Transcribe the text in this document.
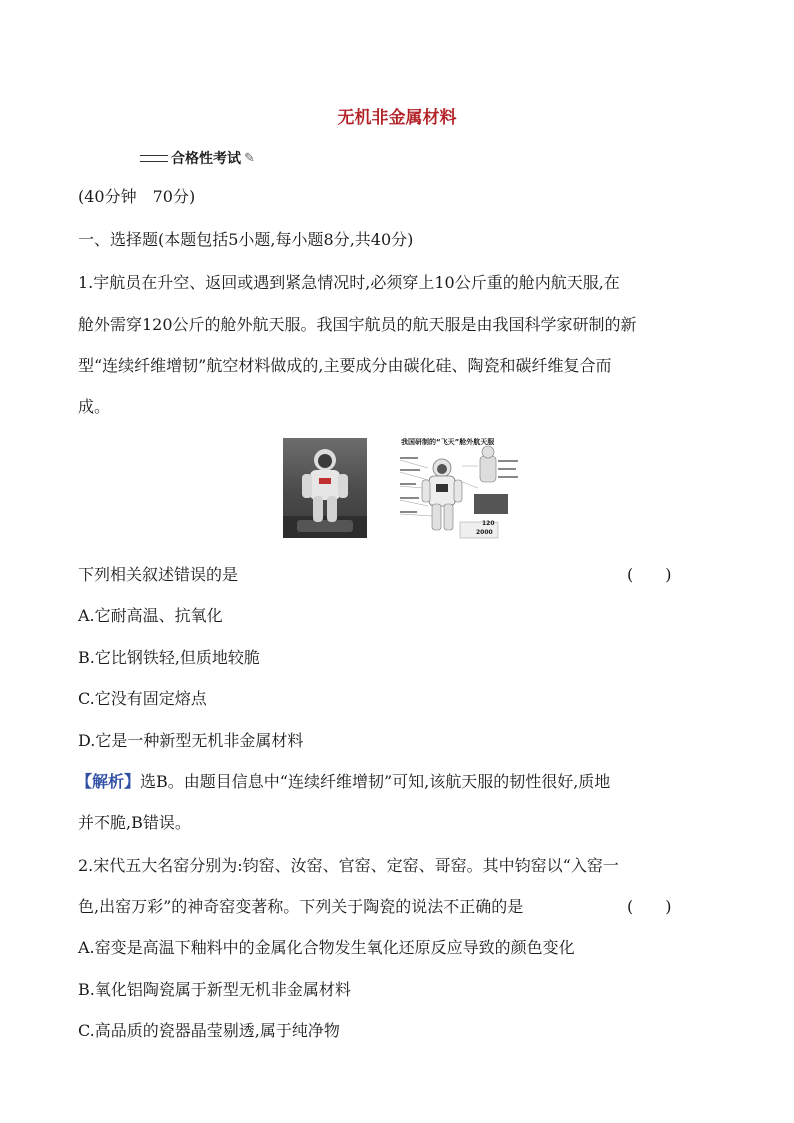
无机非金属材料
合格性考试 ✎
(40分钟　70分)
一、选择题(本题包括5小题,每小题8分,共40分)
1.宇航员在升空、返回或遇到紧急情况时,必须穿上10公斤重的舱内航天服,在
舱外需穿120公斤的舱外航天服。我国宇航员的航天服是由我国科学家研制的新
型“连续纤维增韧”航空材料做成的,主要成分由碳化硅、陶瓷和碳纤维复合而
成。
我国研制的“飞天”舱外航天服
120
2000
下列相关叙述错误的是	(　　)
A.它耐高温、抗氧化
B.它比钢铁轻,但质地较脆
C.它没有固定熔点
D.它是一种新型无机非金属材料
【解析】选B。由题目信息中“连续纤维增韧”可知,该航天服的韧性很好,质地
并不脆,B错误。
2.宋代五大名窑分别为:钧窑、汝窑、官窑、定窑、哥窑。其中钧窑以“入窑一
色,出窑万彩”的神奇窑变著称。下列关于陶瓷的说法不正确的是	(　　)
A.窑变是高温下釉料中的金属化合物发生氧化还原反应导致的颜色变化
B.氧化铝陶瓷属于新型无机非金属材料
C.高品质的瓷器晶莹剔透,属于纯净物
